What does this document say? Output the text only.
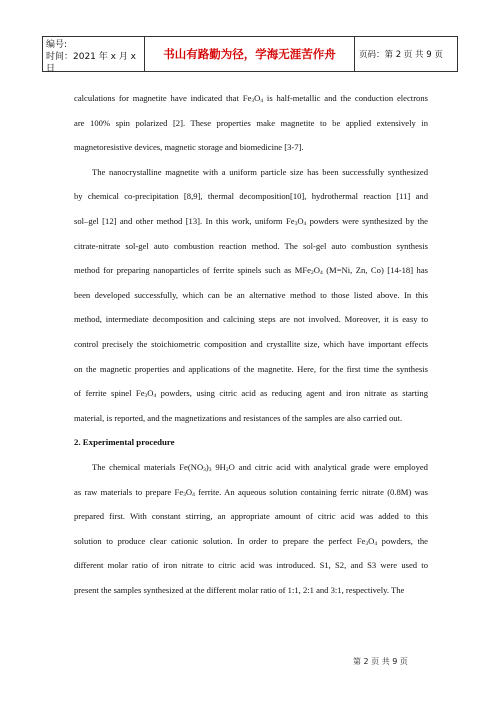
编号:
时间：2021 年 x 月 x 日
书山有路勤为径，学海无涯苦作舟	页码：第 2 页 共 9 页
calculations for magnetite have indicated that $Fe_3O_4$ is half-metallic and the conduction electrons
are 100% spin polarized [2]. These properties make magnetite to be applied extensively in
magnetoresistive devices, magnetic storage and biomedicine [3-7].
The nanocrystalline magnetite with a uniform particle size has been successfully synthesized
by chemical co-precipitation [8,9], thermal decomposition[10], hydrothermal reaction [11] and
sol–gel [12] and other method [13]. In this work, uniform $Fe_3O_4$ powders were synthesized by the
citrate-nitrate sol-gel auto combustion reaction method. The sol-gel auto combustion synthesis
method for preparing nanoparticles of ferrite spinels such as $MFe_2O_4$ (M=Ni, Zn, Co) [14-18] has
been developed successfully, which can be an alternative method to those listed above. In this
method, intermediate decomposition and calcining steps are not involved. Moreover, it is easy to
control precisely the stoichiometric composition and crystallite size, which have important effects
on the magnetic properties and applications of the magnetite. Here, for the first time the synthesis
of ferrite spinel $Fe_3O_4$ powders, using citric acid as reducing agent and iron nitrate as starting
material, is reported, and the magnetizations and resistances of the samples are also carried out.
2. Experimental procedure
The chemical materials $Fe(NO_3)_3$ $9H_2O$ and citric acid with analytical grade were employed
as raw materials to prepare $Fe_3O_4$ ferrite. An aqueous solution containing ferric nitrate (0.8M) was
prepared first. With constant stirring, an appropriate amount of citric acid was added to this
solution to produce clear cationic solution. In order to prepare the perfect $Fe_3O_4$ powders, the
different molar ratio of iron nitrate to citric acid was introduced. S1, S2, and S3 were used to
present the samples synthesized at the different molar ratio of 1:1, 2:1 and 3:1, respectively. The
第 2 页 共 9 页
